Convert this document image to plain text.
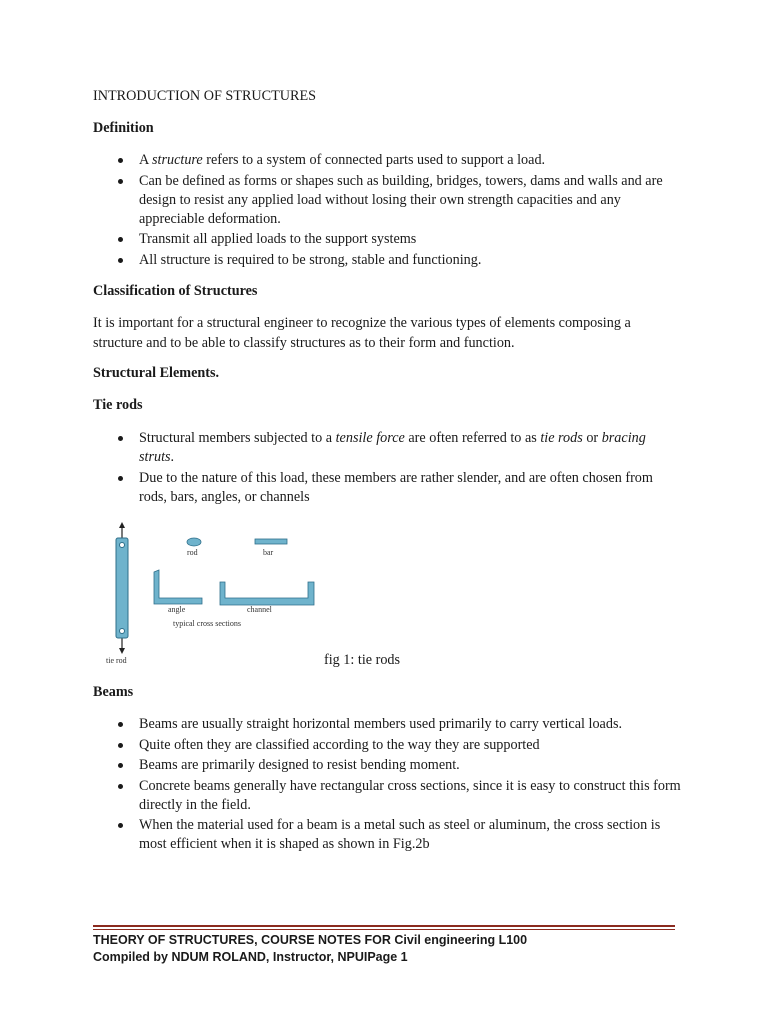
INTRODUCTION OF STRUCTURES
Definition
A structure refers to a system of connected parts used to support a load.
Can be defined as forms or shapes such as building, bridges, towers, dams and walls and are design to resist any applied load without losing their own strength capacities and any appreciable deformation.
Transmit all applied loads to the support systems
All structure is required to be strong, stable and functioning.
Classification of Structures
It is important for a structural engineer to recognize the various types of elements composing a structure and to be able to classify structures as to their form and function.
Structural Elements.
Tie rods
Structural members subjected to a tensile force are often referred to as tie rods or bracing struts.
Due to the nature of this load, these members are rather slender, and are often chosen from rods, bars, angles, or channels
tie rod
rod	bar
angle	channel
typical cross sections
fig 1: tie rods
Beams
Beams are usually straight horizontal members used primarily to carry vertical loads.
Quite often they are classified according to the way they are supported
Beams are primarily designed to resist bending moment.
Concrete beams generally have rectangular cross sections, since it is easy to construct this form directly in the field.
When the material used for a beam is a metal such as steel or aluminum, the cross section is most efficient when it is shaped as shown in Fig.2b
THEORY OF STRUCTURES, COURSE NOTES FOR Civil engineering L100
Compiled by NDUM ROLAND, Instructor, NPUIPage 1
